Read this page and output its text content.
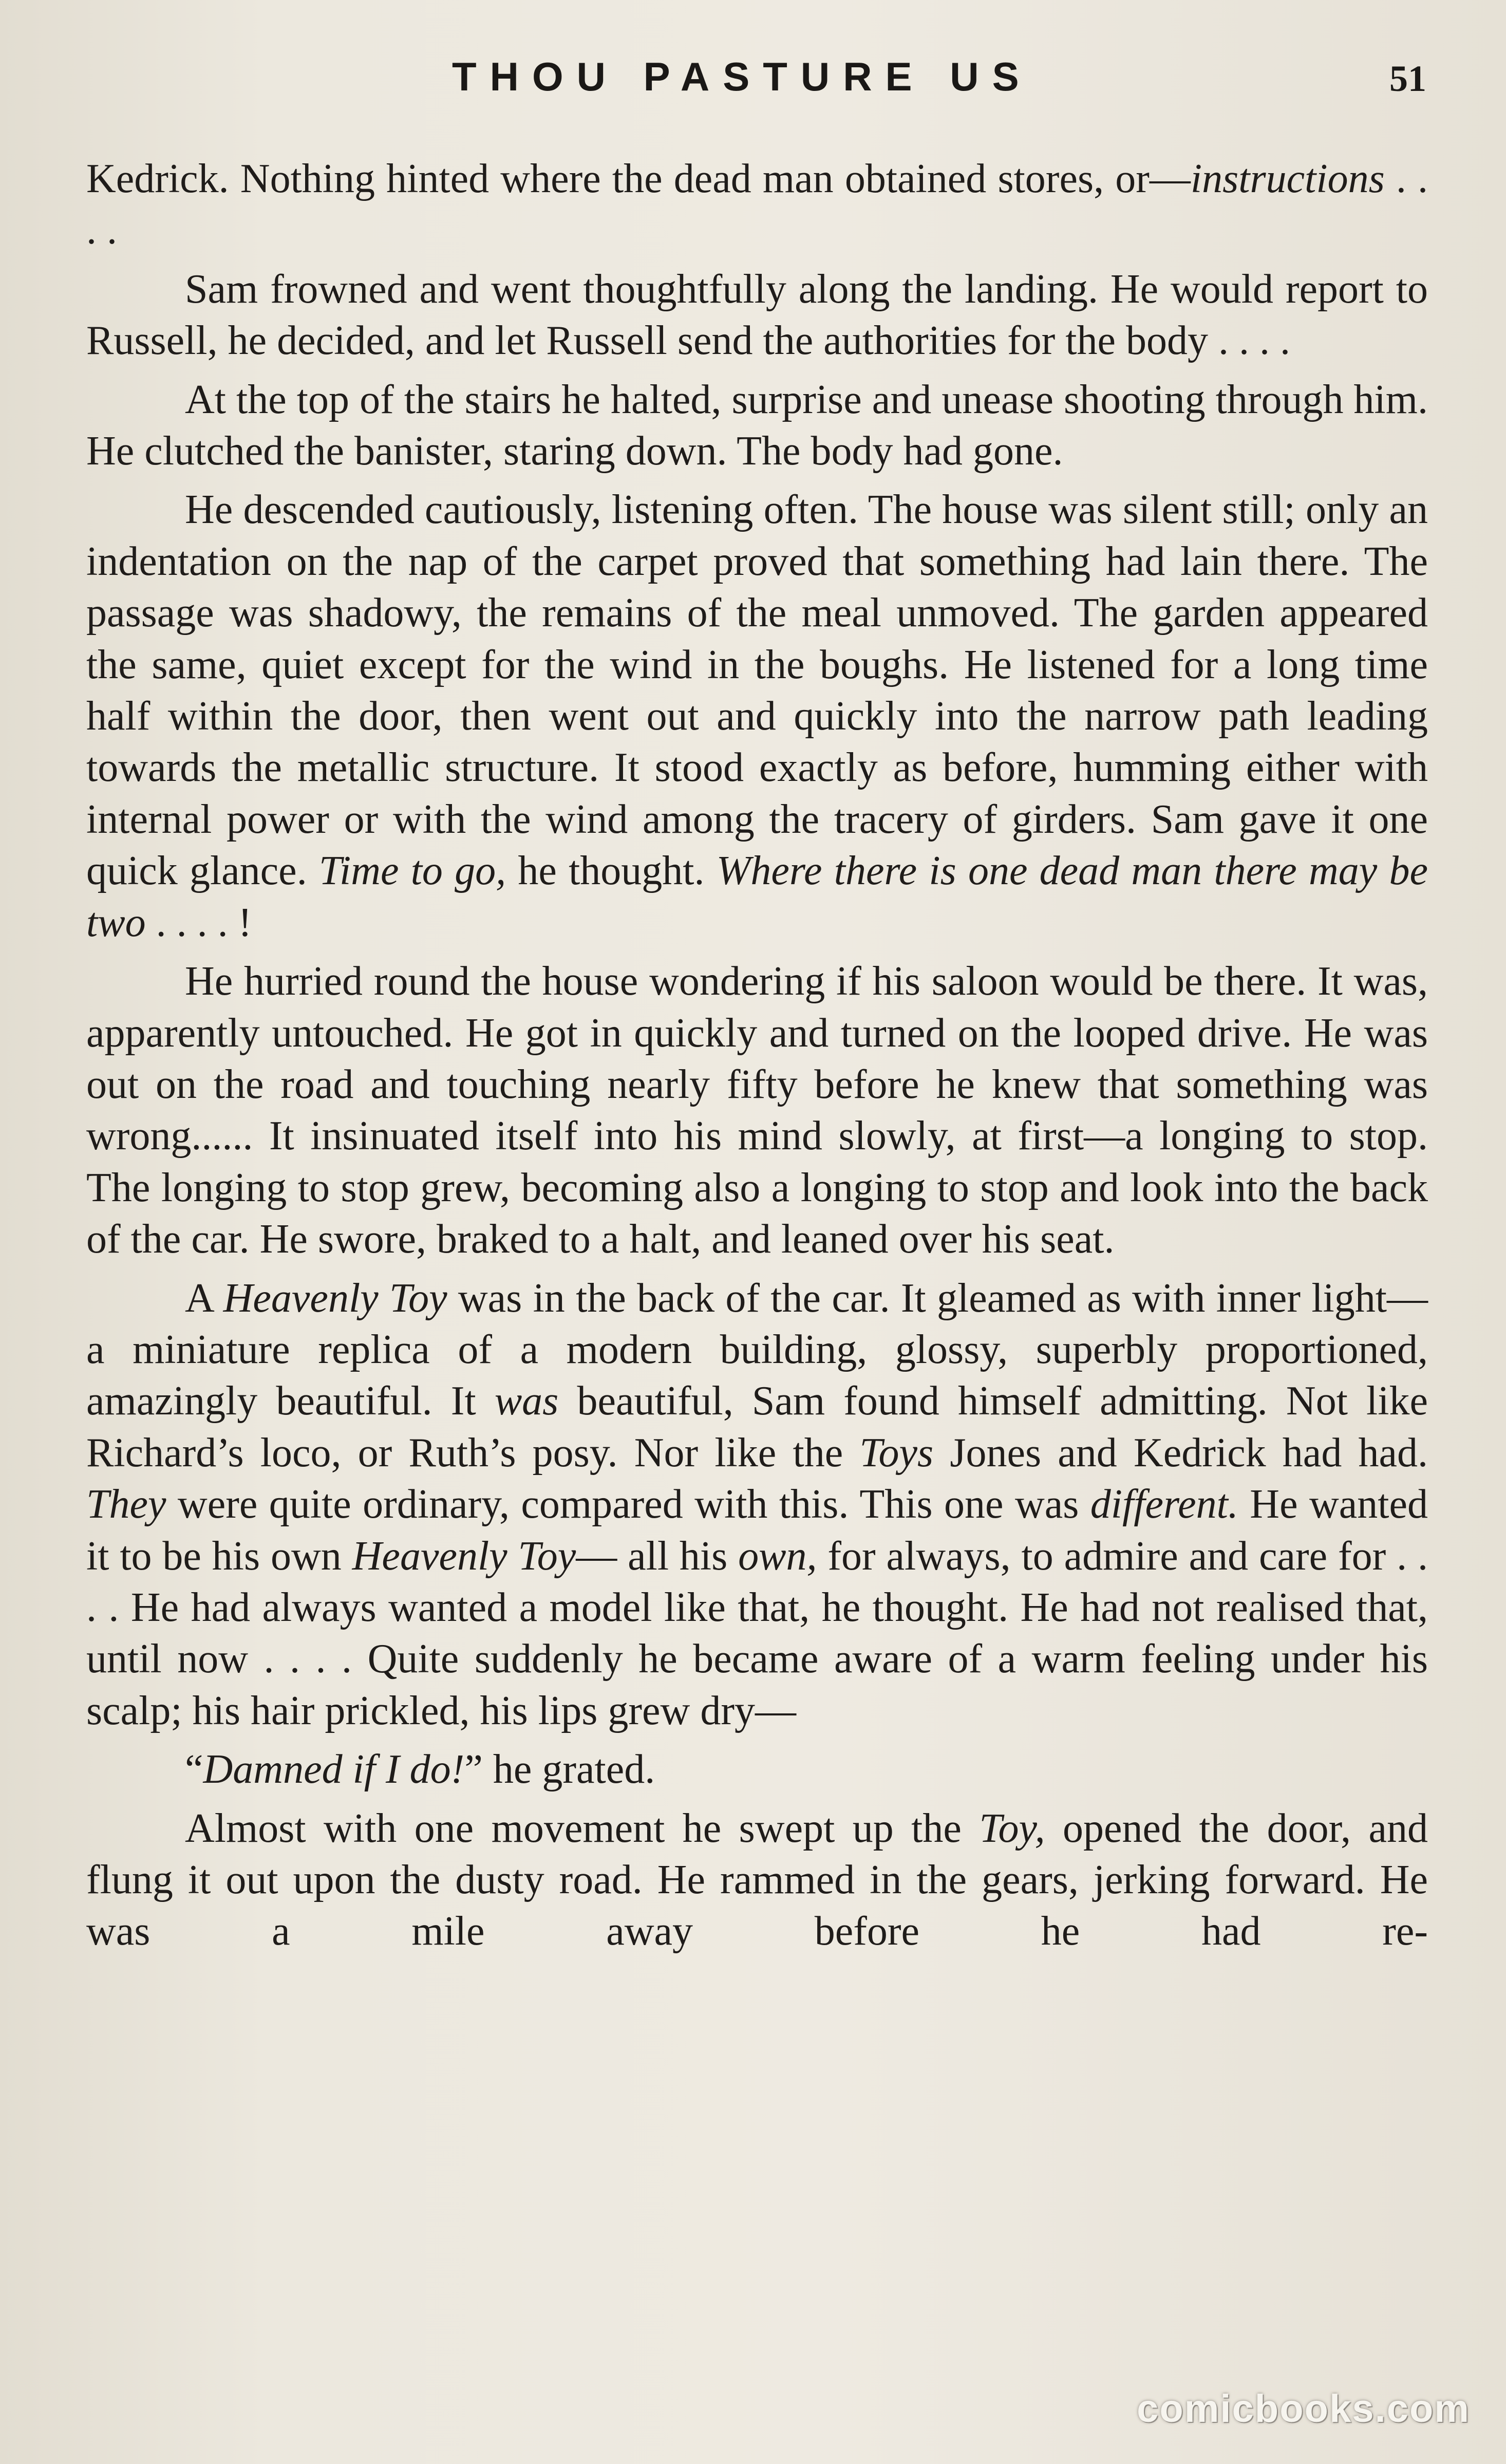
THOU PASTURE US	51

Kedrick. Nothing hinted where the dead man obtained stores, or—instructions . . . .

Sam frowned and went thoughtfully along the landing. He would report to Russell, he decided, and let Russell send the authorities for the body . . . .

At the top of the stairs he halted, surprise and unease shooting through him. He clutched the banister, staring down. The body had gone.

He descended cautiously, listening often. The house was silent still; only an indentation on the nap of the carpet proved that something had lain there. The passage was shadowy, the remains of the meal unmoved. The garden appeared the same, quiet except for the wind in the boughs. He listened for a long time half within the door, then went out and quickly into the narrow path leading towards the metallic structure. It stood exactly as before, humming either with internal power or with the wind among the tracery of girders. Sam gave it one quick glance. Time to go, he thought. Where there is one dead man there may be two . . . . !

He hurried round the house wondering if his saloon would be there. It was, apparently untouched. He got in quickly and turned on the looped drive. He was out on the road and touching nearly fifty before he knew that something was wrong...... It insinuated itself into his mind slowly, at first—a longing to stop. The longing to stop grew, becoming also a longing to stop and look into the back of the car. He swore, braked to a halt, and leaned over his seat.

A Heavenly Toy was in the back of the car. It gleamed as with inner light—a miniature replica of a modern building, glossy, superbly proportioned, amazingly beautiful. It was beautiful, Sam found himself admitting. Not like Richard’s loco, or Ruth’s posy. Nor like the Toys Jones and Kedrick had had. They were quite ordinary, compared with this. This one was different. He wanted it to be his own Heavenly Toy— all his own, for always, to admire and care for . . . . He had always wanted a model like that, he thought. He had not realised that, until now . . . . Quite suddenly he became aware of a warm feeling under his scalp; his hair prickled, his lips grew dry—

“Damned if I do!” he grated.

Almost with one movement he swept up the Toy, opened the door, and flung it out upon the dusty road. He rammed in the gears, jerking forward. He was a mile away before he had re-

comicbooks.com
